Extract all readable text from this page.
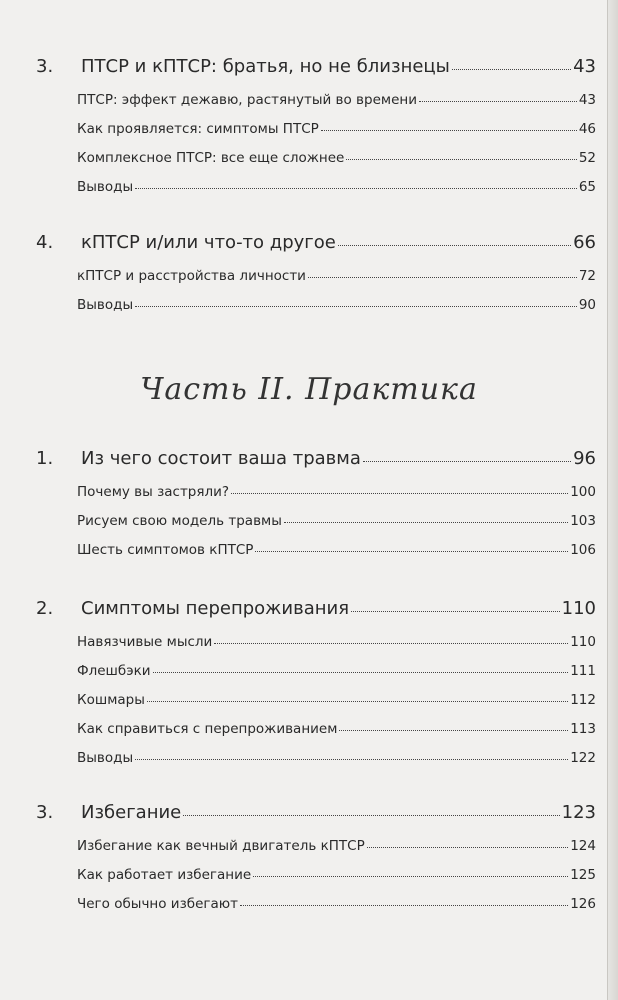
3.	ПТСР и кПТСР: братья, но не близнецы	43
ПТСР: эффект дежавю, растянутый во времени	43
Как проявляется: симптомы ПТСР	46
Комплексное ПТСР: все еще сложнее	52
Выводы	65
4.	кПТСР и/или что-то другое	66
кПТСР и расстройства личности	72
Выводы	90
1.	Из чего состоит ваша травма	96
Почему вы застряли?	100
Рисуем свою модель травмы	103
Шесть симптомов кПТСР	106
2.	Симптомы перепроживания	110
Навязчивые мысли	110
Флешбэки	111
Кошмары	112
Как справиться с перепроживанием	113
Выводы	122
3.	Избегание	123
Избегание как вечный двигатель кПТСР	124
Как работает избегание	125
Чего обычно избегают	126
Часть II. Практика
